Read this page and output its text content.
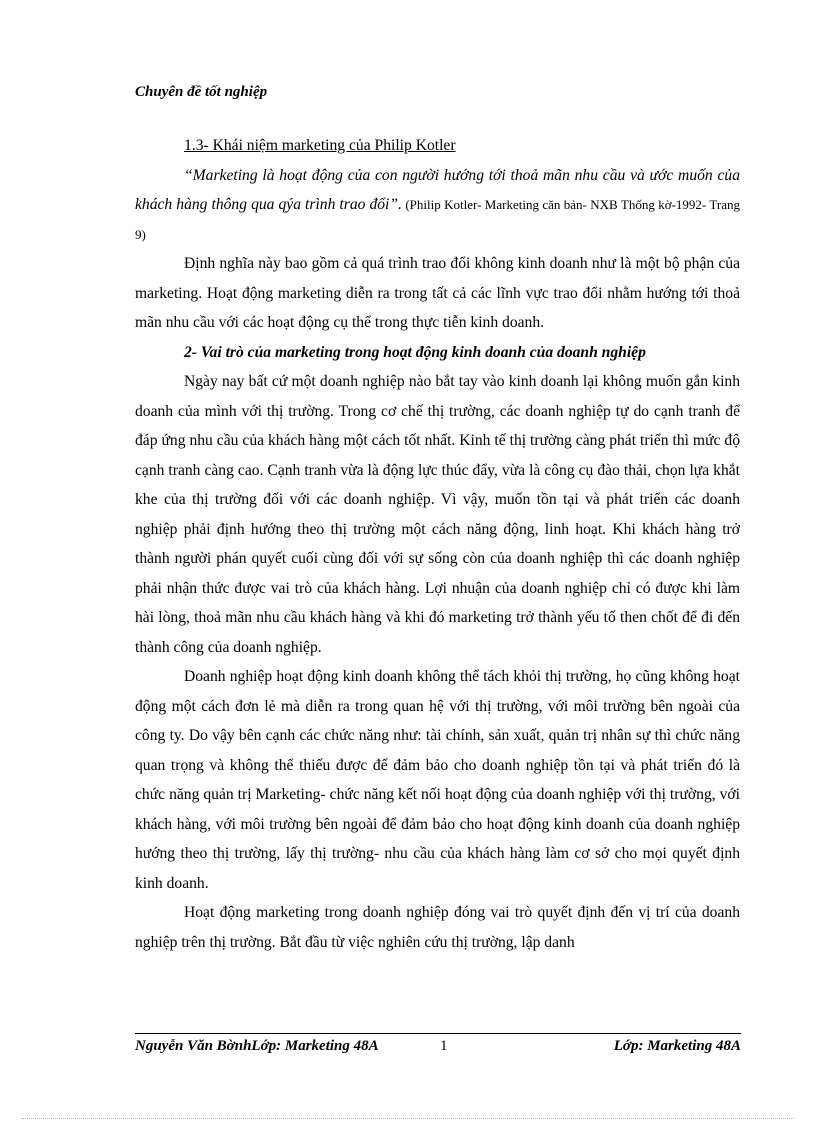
Chuyên đề tốt nghiệp
1.3- Khái niệm marketing của Philip Kotler

“Marketing là hoạt động của con người hướng tới thoả mãn nhu cầu và ước muốn của khách hàng thông qua qýa trình trao đổi”. (Philip Kotler- Marketing căn bản- NXB Thống kờ-1992- Trang 9)

Định nghĩa này bao gồm cả quá trình trao đổi không kinh doanh như là một bộ phận của marketing. Hoạt động marketing diễn ra trong tất cả các lĩnh vực trao đổi nhằm hướng tới thoả mãn nhu cầu với các hoạt động cụ thể trong thực tiễn kinh doanh.

2- Vai trò của marketing trong hoạt động kinh doanh của doanh nghiệp

Ngày nay bất cứ một doanh nghiệp nào bắt tay vào kinh doanh lại không muốn gắn kinh doanh của mình với thị trường. Trong cơ chế thị trường, các doanh nghiệp tự do cạnh tranh để đáp ứng nhu cầu của khách hàng một cách tốt nhất. Kinh tế thị trường càng phát triển thì mức độ cạnh tranh càng cao. Cạnh tranh vừa là động lực thúc đẩy, vừa là công cụ đào thải, chọn lựa khắt khe của thị trường đối với các doanh nghiệp. Vì vậy, muốn tồn tại và phát triển các doanh nghiệp phải định hướng theo thị trường một cách năng động, linh hoạt. Khi khách hàng trở thành người phán quyết cuối cùng đối với sự sống còn của doanh nghiệp thì các doanh nghiệp phải nhận thức được vai trò của khách hàng. Lợi nhuận của doanh nghiệp chỉ có được khi làm hài lòng, thoả mãn nhu cầu khách hàng và khi đó marketing trở thành yếu tố then chốt để đi đến thành công của doanh nghiệp.

Doanh nghiệp hoạt động kinh doanh không thể tách khỏi thị trường, họ cũng không hoạt động một cách đơn lẻ mà diễn ra trong quan hệ với thị trường, với môi trường bên ngoài của công ty. Do vậy bên cạnh các chức năng như: tài chính, sản xuất, quản trị nhân sự thì chức năng quan trọng và không thể thiếu được để đảm bảo cho doanh nghiệp tồn tại và phát triển đó là chức năng quản trị Marketing- chức năng kết nối hoạt động của doanh nghiệp với thị trường, với khách hàng, với môi trường bên ngoài để đảm bảo cho hoạt động kinh doanh của doanh nghiệp hướng theo thị trường, lấy thị trường- nhu cầu của khách hàng làm cơ sở cho mọi quyết định kinh doanh.

Hoạt động marketing trong doanh nghiệp đóng vai trò quyết định đến vị trí của doanh nghiệp trên thị trường. Bắt đầu từ việc nghiên cứu thị trường, lập danh

Nguyễn Văn BờnhLớp: Marketing 48A	1	Lớp: Marketing 48A
